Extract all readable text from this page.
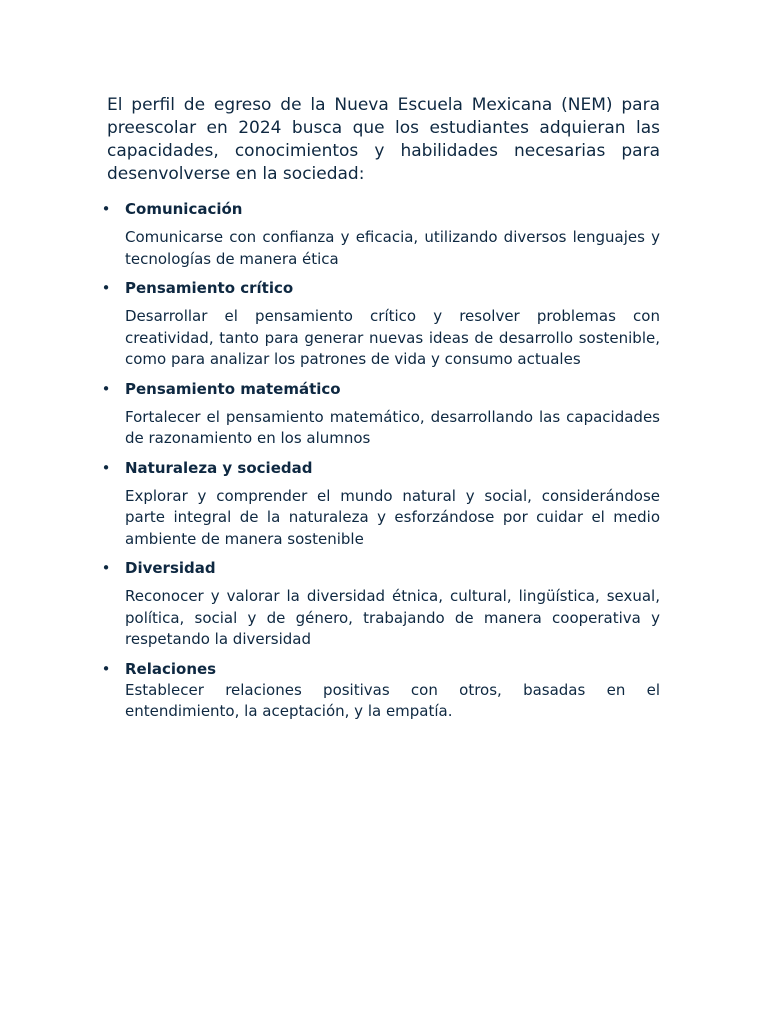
El perfil de egreso de la Nueva Escuela Mexicana (NEM) para preescolar en 2024 busca que los estudiantes adquieran las capacidades, conocimientos y habilidades necesarias para desenvolverse en la sociedad:

• Comunicación

Comunicarse con confianza y eficacia, utilizando diversos lenguajes y tecnologías de manera ética

• Pensamiento crítico

Desarrollar el pensamiento crítico y resolver problemas con creatividad, tanto para generar nuevas ideas de desarrollo sostenible, como para analizar los patrones de vida y consumo actuales

• Pensamiento matemático

Fortalecer el pensamiento matemático, desarrollando las capacidades de razonamiento en los alumnos

• Naturaleza y sociedad

Explorar y comprender el mundo natural y social, considerándose parte integral de la naturaleza y esforzándose por cuidar el medio ambiente de manera sostenible

• Diversidad

Reconocer y valorar la diversidad étnica, cultural, lingüística, sexual, política, social y de género, trabajando de manera cooperativa y respetando la diversidad

• Relaciones

Establecer relaciones positivas con otros, basadas en el entendimiento, la aceptación, y la empatía.
